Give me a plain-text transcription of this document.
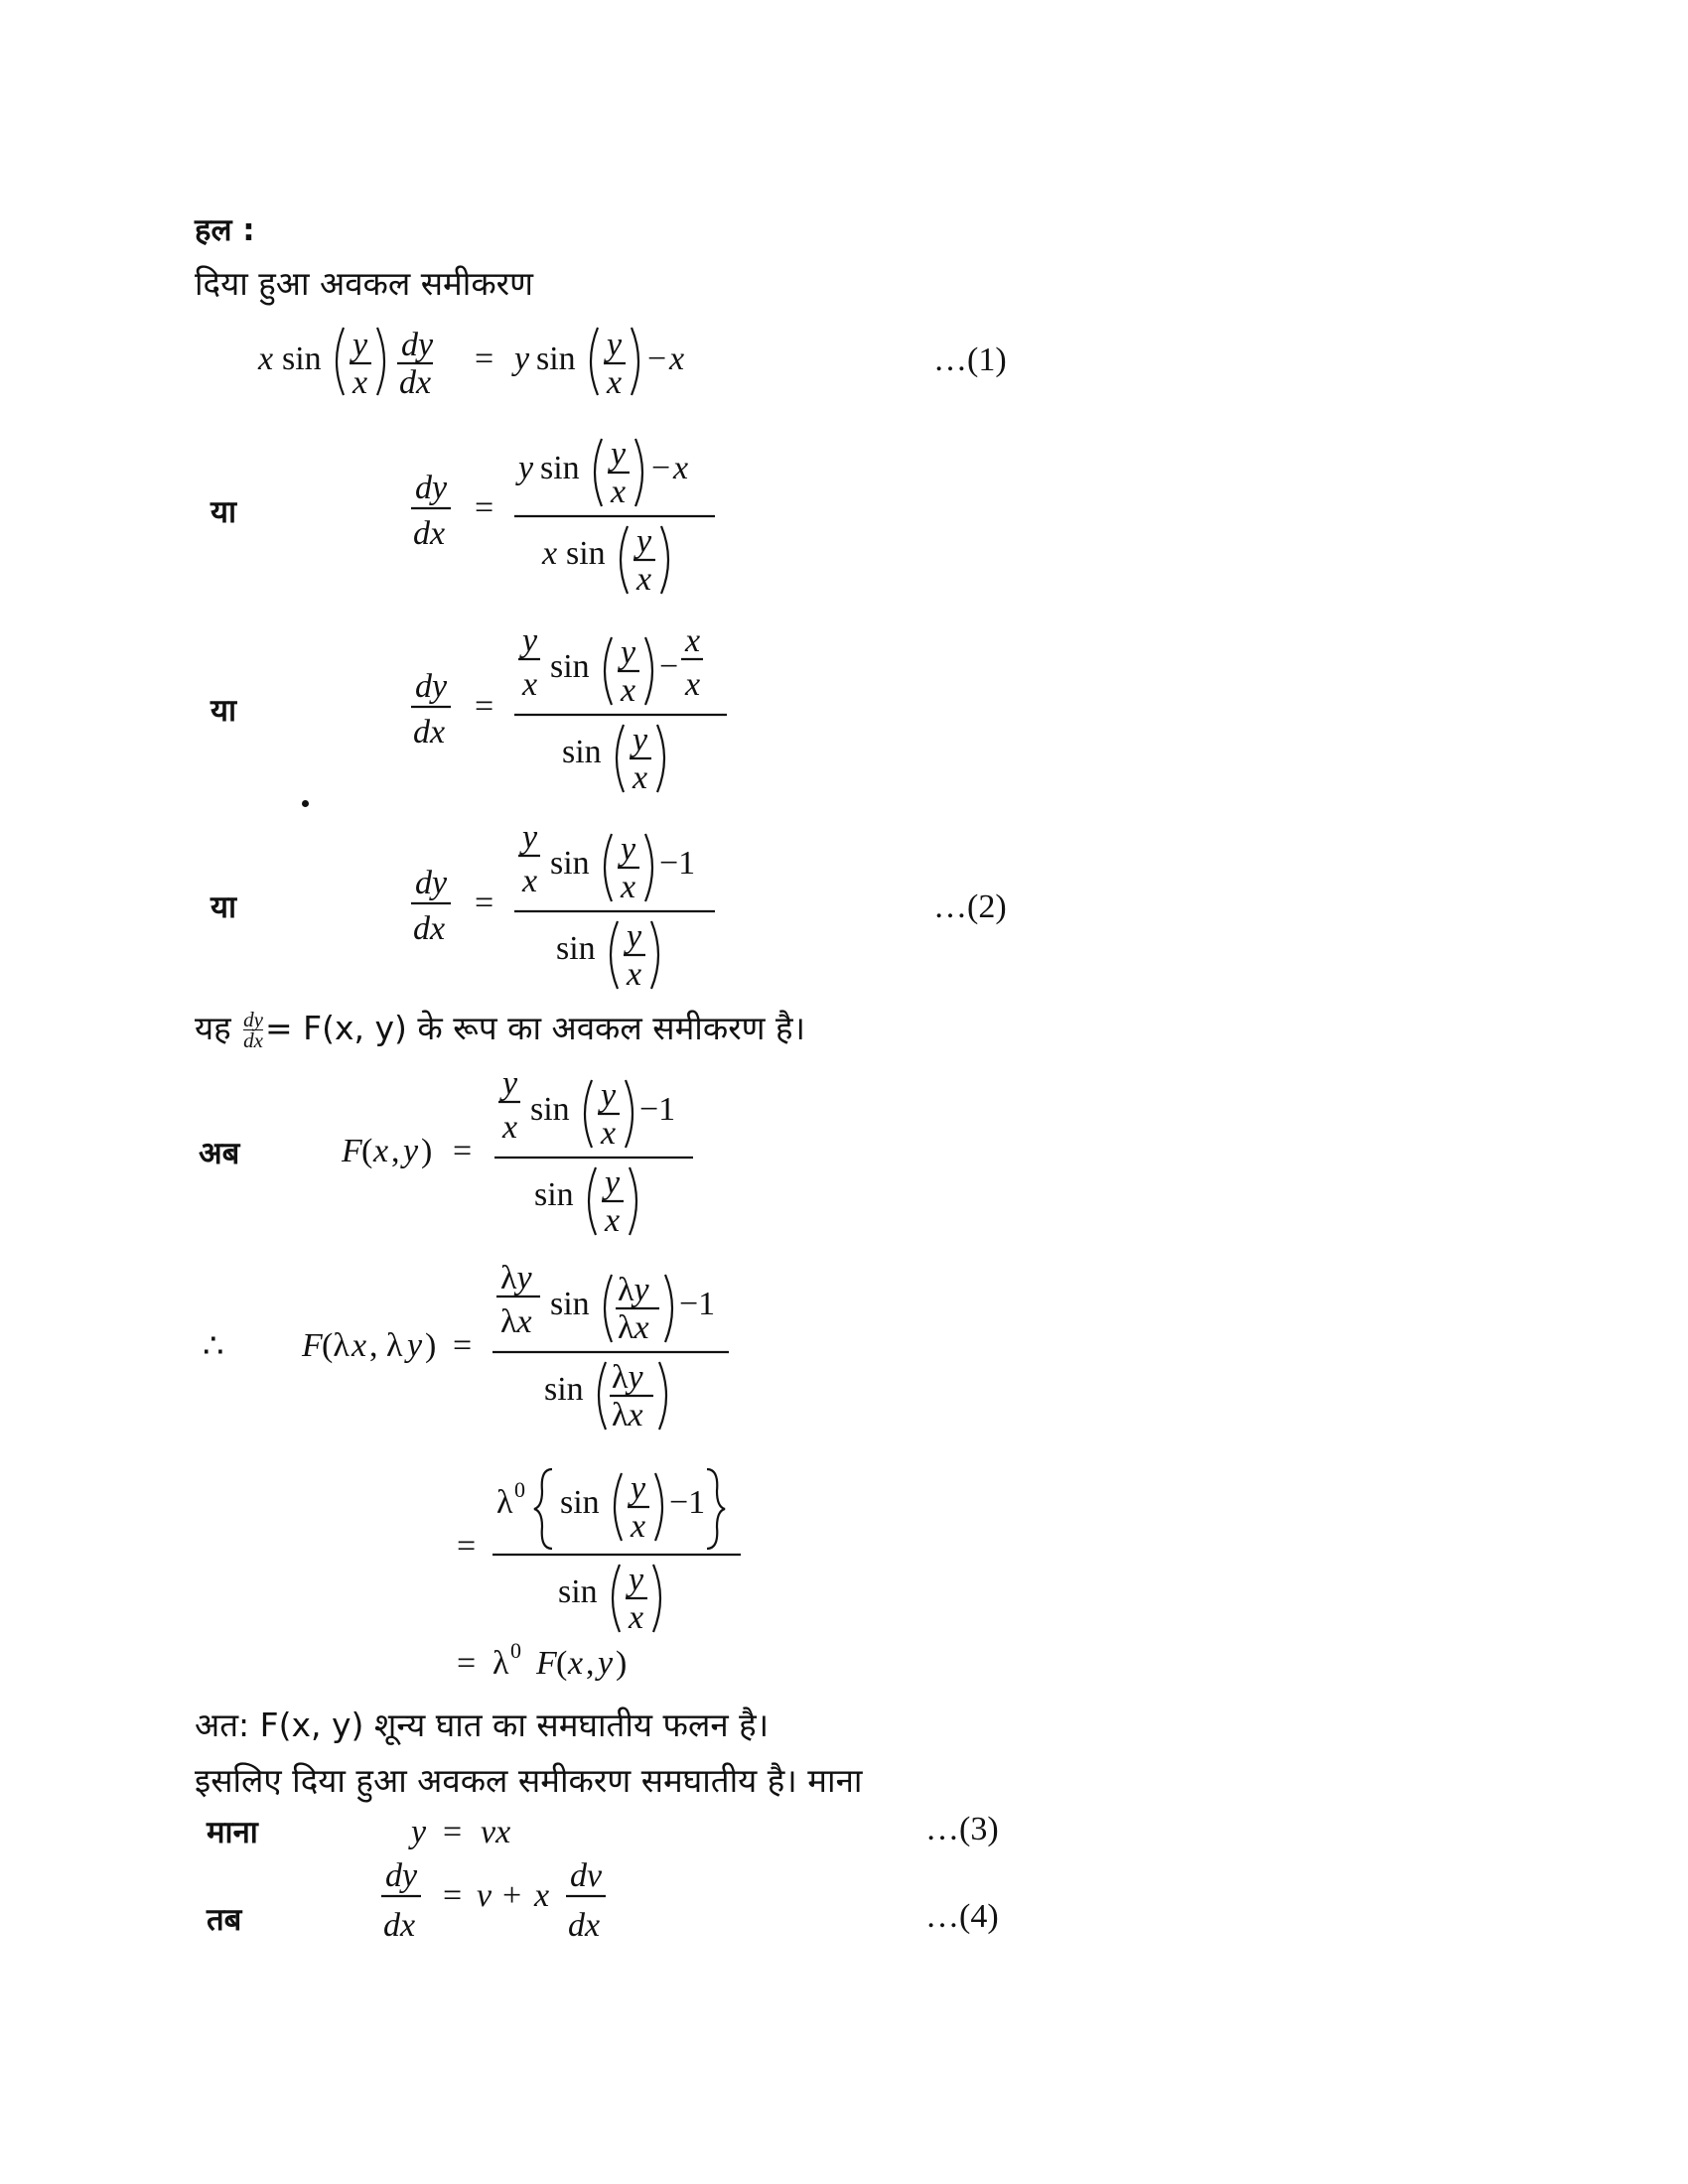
हल :
दिया हुआ अवकल समीकरण
x sin y
x
dy
dx
= y sin y
x
− x	…(1)
या
dy
dx
=
y sin y
x
− x
x sin y
x
या
dy
dx
=
y
x sin y
x
−
x
x
sin y
x
या
dy
dx
=
y
x sin y
x
−1
sin y
x
…(2)
यह $\frac{dy}{dx} = F(x$, y) के रूप का अवकल समीकरण है।
अब	F ( x , y ) =
y
x sin y
x
−1
sin y
x
∴ F (λ x , λ y ) =
λy
λx sin λy
λx
−1
sin λy
λx
=
λ 0 sin y
x
−1
sin y
x
= λ 0 F ( x , y )
अत: F(x, y) शून्य घात का समघातीय फलन है।
इसलिए दिया हुआ अवकल समीकरण समघातीय है। माना
माना	y = vx	…(3)
तब
dy
dx
= v + x
dv
dx	…(4)
